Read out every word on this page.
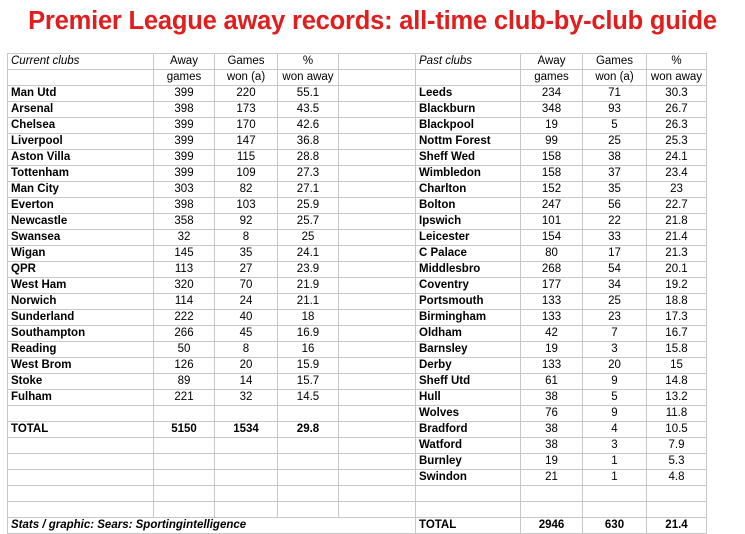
Premier League away records: all-time club-by-club guide
Current clubs	Away	Games	%		Past clubs	Away	Games	%
	games	won (a)	won away			games	won (a)	won away
Man Utd	399	220	55.1		Leeds	234	71	30.3
Arsenal	398	173	43.5		Blackburn	348	93	26.7
Chelsea	399	170	42.6		Blackpool	19	5	26.3
Liverpool	399	147	36.8		Nottm Forest	99	25	25.3
Aston Villa	399	115	28.8		Sheff Wed	158	38	24.1
Tottenham	399	109	27.3		Wimbledon	158	37	23.4
Man City	303	82	27.1		Charlton	152	35	23
Everton	398	103	25.9		Bolton	247	56	22.7
Newcastle	358	92	25.7		Ipswich	101	22	21.8
Swansea	32	8	25		Leicester	154	33	21.4
Wigan	145	35	24.1		C Palace	80	17	21.3
QPR	113	27	23.9		Middlesbro	268	54	20.1
West Ham	320	70	21.9		Coventry	177	34	19.2
Norwich	114	24	21.1		Portsmouth	133	25	18.8
Sunderland	222	40	18		Birmingham	133	23	17.3
Southampton	266	45	16.9		Oldham	42	7	16.7
Reading	50	8	16		Barnsley	19	3	15.8
West Brom	126	20	15.9		Derby	133	20	15
Stoke	89	14	15.7		Sheff Utd	61	9	14.8
Fulham	221	32	14.5		Hull	38	5	13.2
					Wolves	76	9	11.8
TOTAL	5150	1534	29.8		Bradford	38	4	10.5
					Watford	38	3	7.9
					Burnley	19	1	5.3
					Swindon	21	1	4.8

Stats / graphic: Sears: Sportingintelligence					TOTAL	2946	630	21.4
